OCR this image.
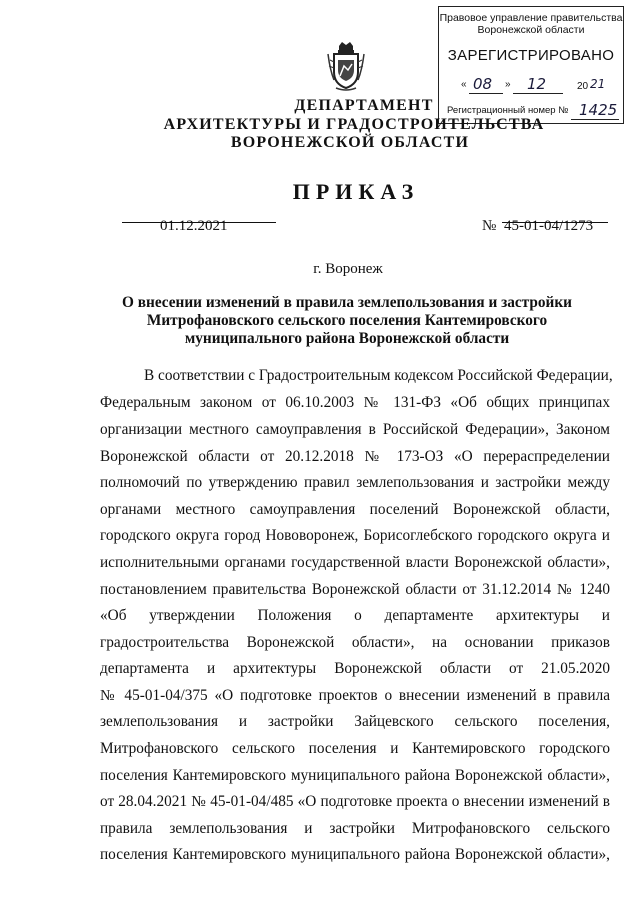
Правовое управление правительства
Воронежской области
ЗАРЕГИСТРИРОВАНО
« 08 » 12	20 21
Регистрационный номер № 1425
ДЕПАРТАМЕНТ
АРХИТЕКТУРЫ И ГРАДОСТРОИТЕЛЬСТВА
ВОРОНЕЖСКОЙ ОБЛАСТИ
ПРИКАЗ
01.12.2021	№ 45-01-04/1273
г. Воронеж
О внесении изменений в правила землепользования и застройки
Митрофановского сельского поселения Кантемировского
муниципального района Воронежской области
В соответствии с Градостроительным кодексом Российской Федерации,
Федеральным законом от 06.10.2003 № 131-ФЗ «Об общих принципах
организации местного самоуправления в Российской Федерации», Законом
Воронежской области от 20.12.2018 № 173-ОЗ «О перераспределении
полномочий по утверждению правил землепользования и застройки между
органами местного самоуправления поселений Воронежской области,
городского округа город Нововоронеж, Борисоглебского городского округа и
исполнительными органами государственной власти Воронежской области»,
постановлением правительства Воронежской области от 31.12.2014 № 1240
«Об утверждении Положения о департаменте архитектуры и
градостроительства Воронежской области», на основании приказов
департамента и архитектуры Воронежской области от 21.05.2020
№ 45-01-04/375 «О подготовке проектов о внесении изменений в правила
землепользования и застройки Зайцевского сельского поселения,
Митрофановского сельского поселения и Кантемировского городского
поселения Кантемировского муниципального района Воронежской области»,
от 28.04.2021 № 45-01-04/485 «О подготовке проекта о внесении изменений в
правила землепользования и застройки Митрофановского сельского
поселения Кантемировского муниципального района Воронежской области»,
